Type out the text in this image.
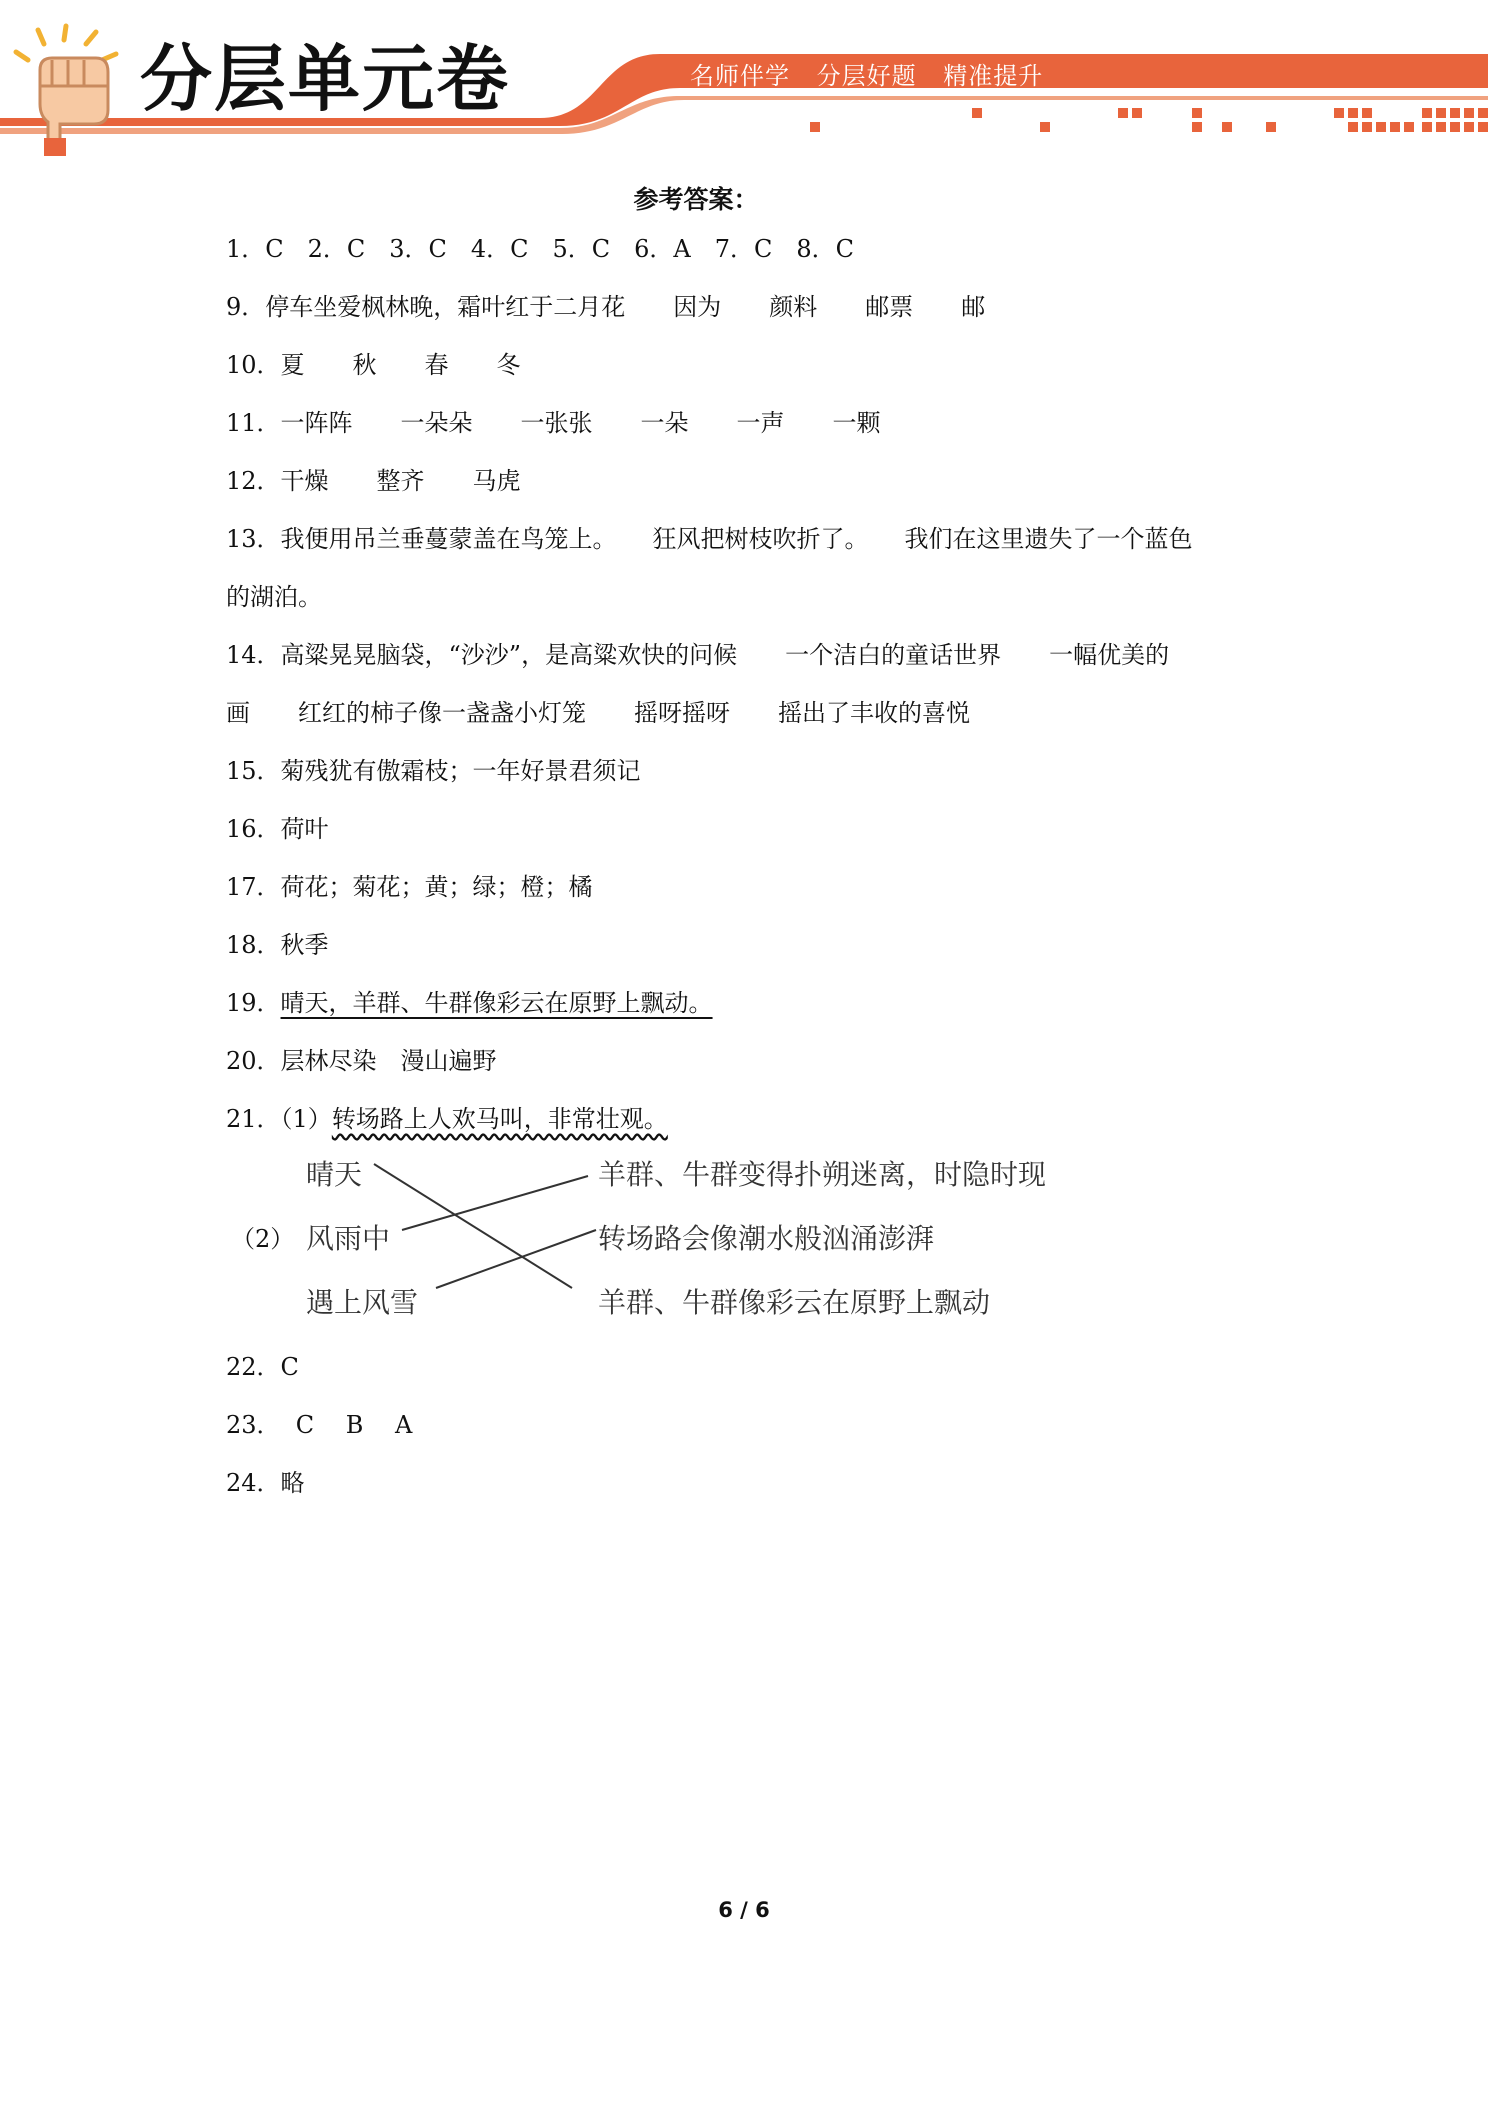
分层单元卷	名师伴学 分层好题 精准提升
参考答案：
1．C　2．C　3．C　4．C　5．C　6．A　7．C　8．C
9．停车坐爱枫林晚，霜叶红于二月花　　因为　　颜料　　邮票　　邮
10．夏　　秋　　春　　冬
11．一阵阵　　一朵朵　　一张张　　一朵　　一声　　一颗
12．干燥　　整齐　　马虎
13．我便用吊兰垂蔓蒙盖在鸟笼上。　　狂风把树枝吹折了。　　我们在这里遗失了一个蓝色
的湖泊。
14．高粱晃晃脑袋，“沙沙”，是高粱欢快的问候　　一个洁白的童话世界　　一幅优美的
画　　红红的柿子像一盏盏小灯笼　　摇呀摇呀　　摇出了丰收的喜悦
15．菊残犹有傲霜枝；一年好景君须记
16．荷叶
17．荷花；菊花；黄；绿；橙；橘
18．秋季
19．晴天，羊群、牛群像彩云在原野上飘动。
20．层林尽染　漫山遍野
21．（1）转场路上人欢马叫，非常壮观。
（2）
晴天
风雨中
遇上风雪
羊群、牛群变得扑朔迷离，时隐时现
转场路会像潮水般汹涌澎湃
羊群、牛群像彩云在原野上飘动
22．C
23．  C　 B　 A
24．略
6 / 6
